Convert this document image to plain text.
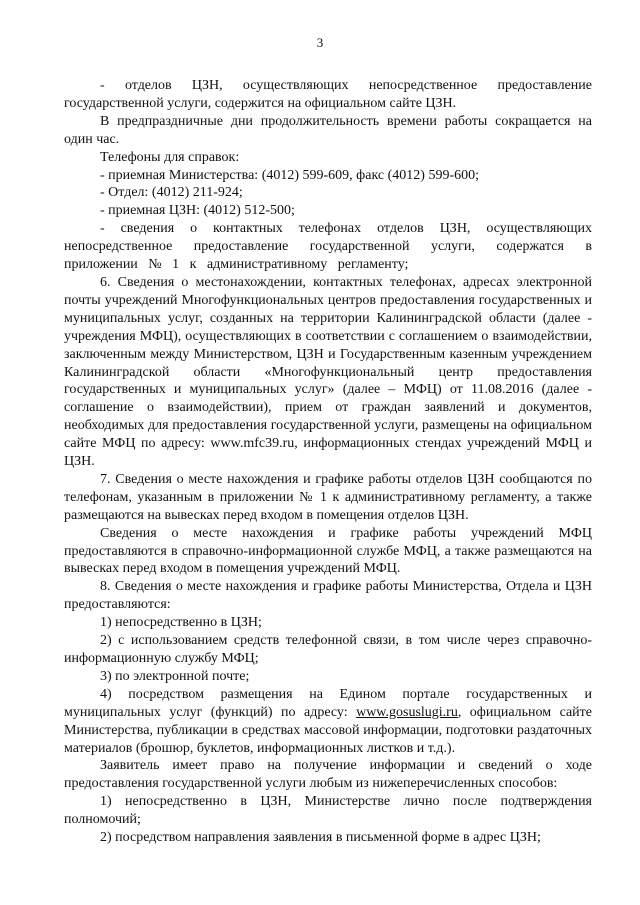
3

- отделов ЦЗН, осуществляющих непосредственное предоставление государственной услуги, содержится на официальном сайте ЦЗН.

В предпраздничные дни продолжительность времени работы сокращается на один час.

Телефоны для справок:

- приемная Министерства: (4012) 599-609, факс (4012) 599-600;

- Отдел: (4012) 211-924;

- приемная ЦЗН: (4012) 512-500;

- сведения о контактных телефонах отделов ЦЗН, осуществляющих непосредственное предоставление государственной услуги, содержатся в приложении № 1 к административному регламенту;

6. Сведения о местонахождении, контактных телефонах, адресах электронной почты учреждений Многофункциональных центров предоставления государственных и муниципальных услуг, созданных на территории Калининградской области (далее - учреждения МФЦ), осуществляющих в соответствии с соглашением о взаимодействии, заключенным между Министерством, ЦЗН и Государственным казенным учреждением Калининградской области «Многофункциональный центр предоставления государственных и муниципальных услуг» (далее – МФЦ) от 11.08.2016 (далее - соглашение о взаимодействии), прием от граждан заявлений и документов, необходимых для предоставления государственной услуги, размещены на официальном сайте МФЦ по адресу: www.mfc39.ru, информационных стендах учреждений МФЦ и ЦЗН.

7. Сведения о месте нахождения и графике работы отделов ЦЗН сообщаются по телефонам, указанным в приложении № 1 к административному регламенту, а также размещаются на вывесках перед входом в помещения отделов ЦЗН.

Сведения о месте нахождения и графике работы учреждений МФЦ предоставляются в справочно-информационной службе МФЦ, а также размещаются на вывесках перед входом в помещения учреждений МФЦ.

8. Сведения о месте нахождения и графике работы Министерства, Отдела и ЦЗН предоставляются:

1) непосредственно в ЦЗН;

2) с использованием средств телефонной связи, в том числе через справочно-информационную службу МФЦ;

3) по электронной почте;

4) посредством размещения на Едином портале государственных и муниципальных услуг (функций) по адресу: www.gosuslugi.ru, официальном сайте Министерства, публикации в средствах массовой информации, подготовки раздаточных материалов (брошюр, буклетов, информационных листков и т.д.).

Заявитель имеет право на получение информации и сведений о ходе предоставления государственной услуги любым из нижеперечисленных способов:

1) непосредственно в ЦЗН, Министерстве лично после подтверждения полномочий;

2) посредством направления заявления в письменной форме в адрес ЦЗН;
